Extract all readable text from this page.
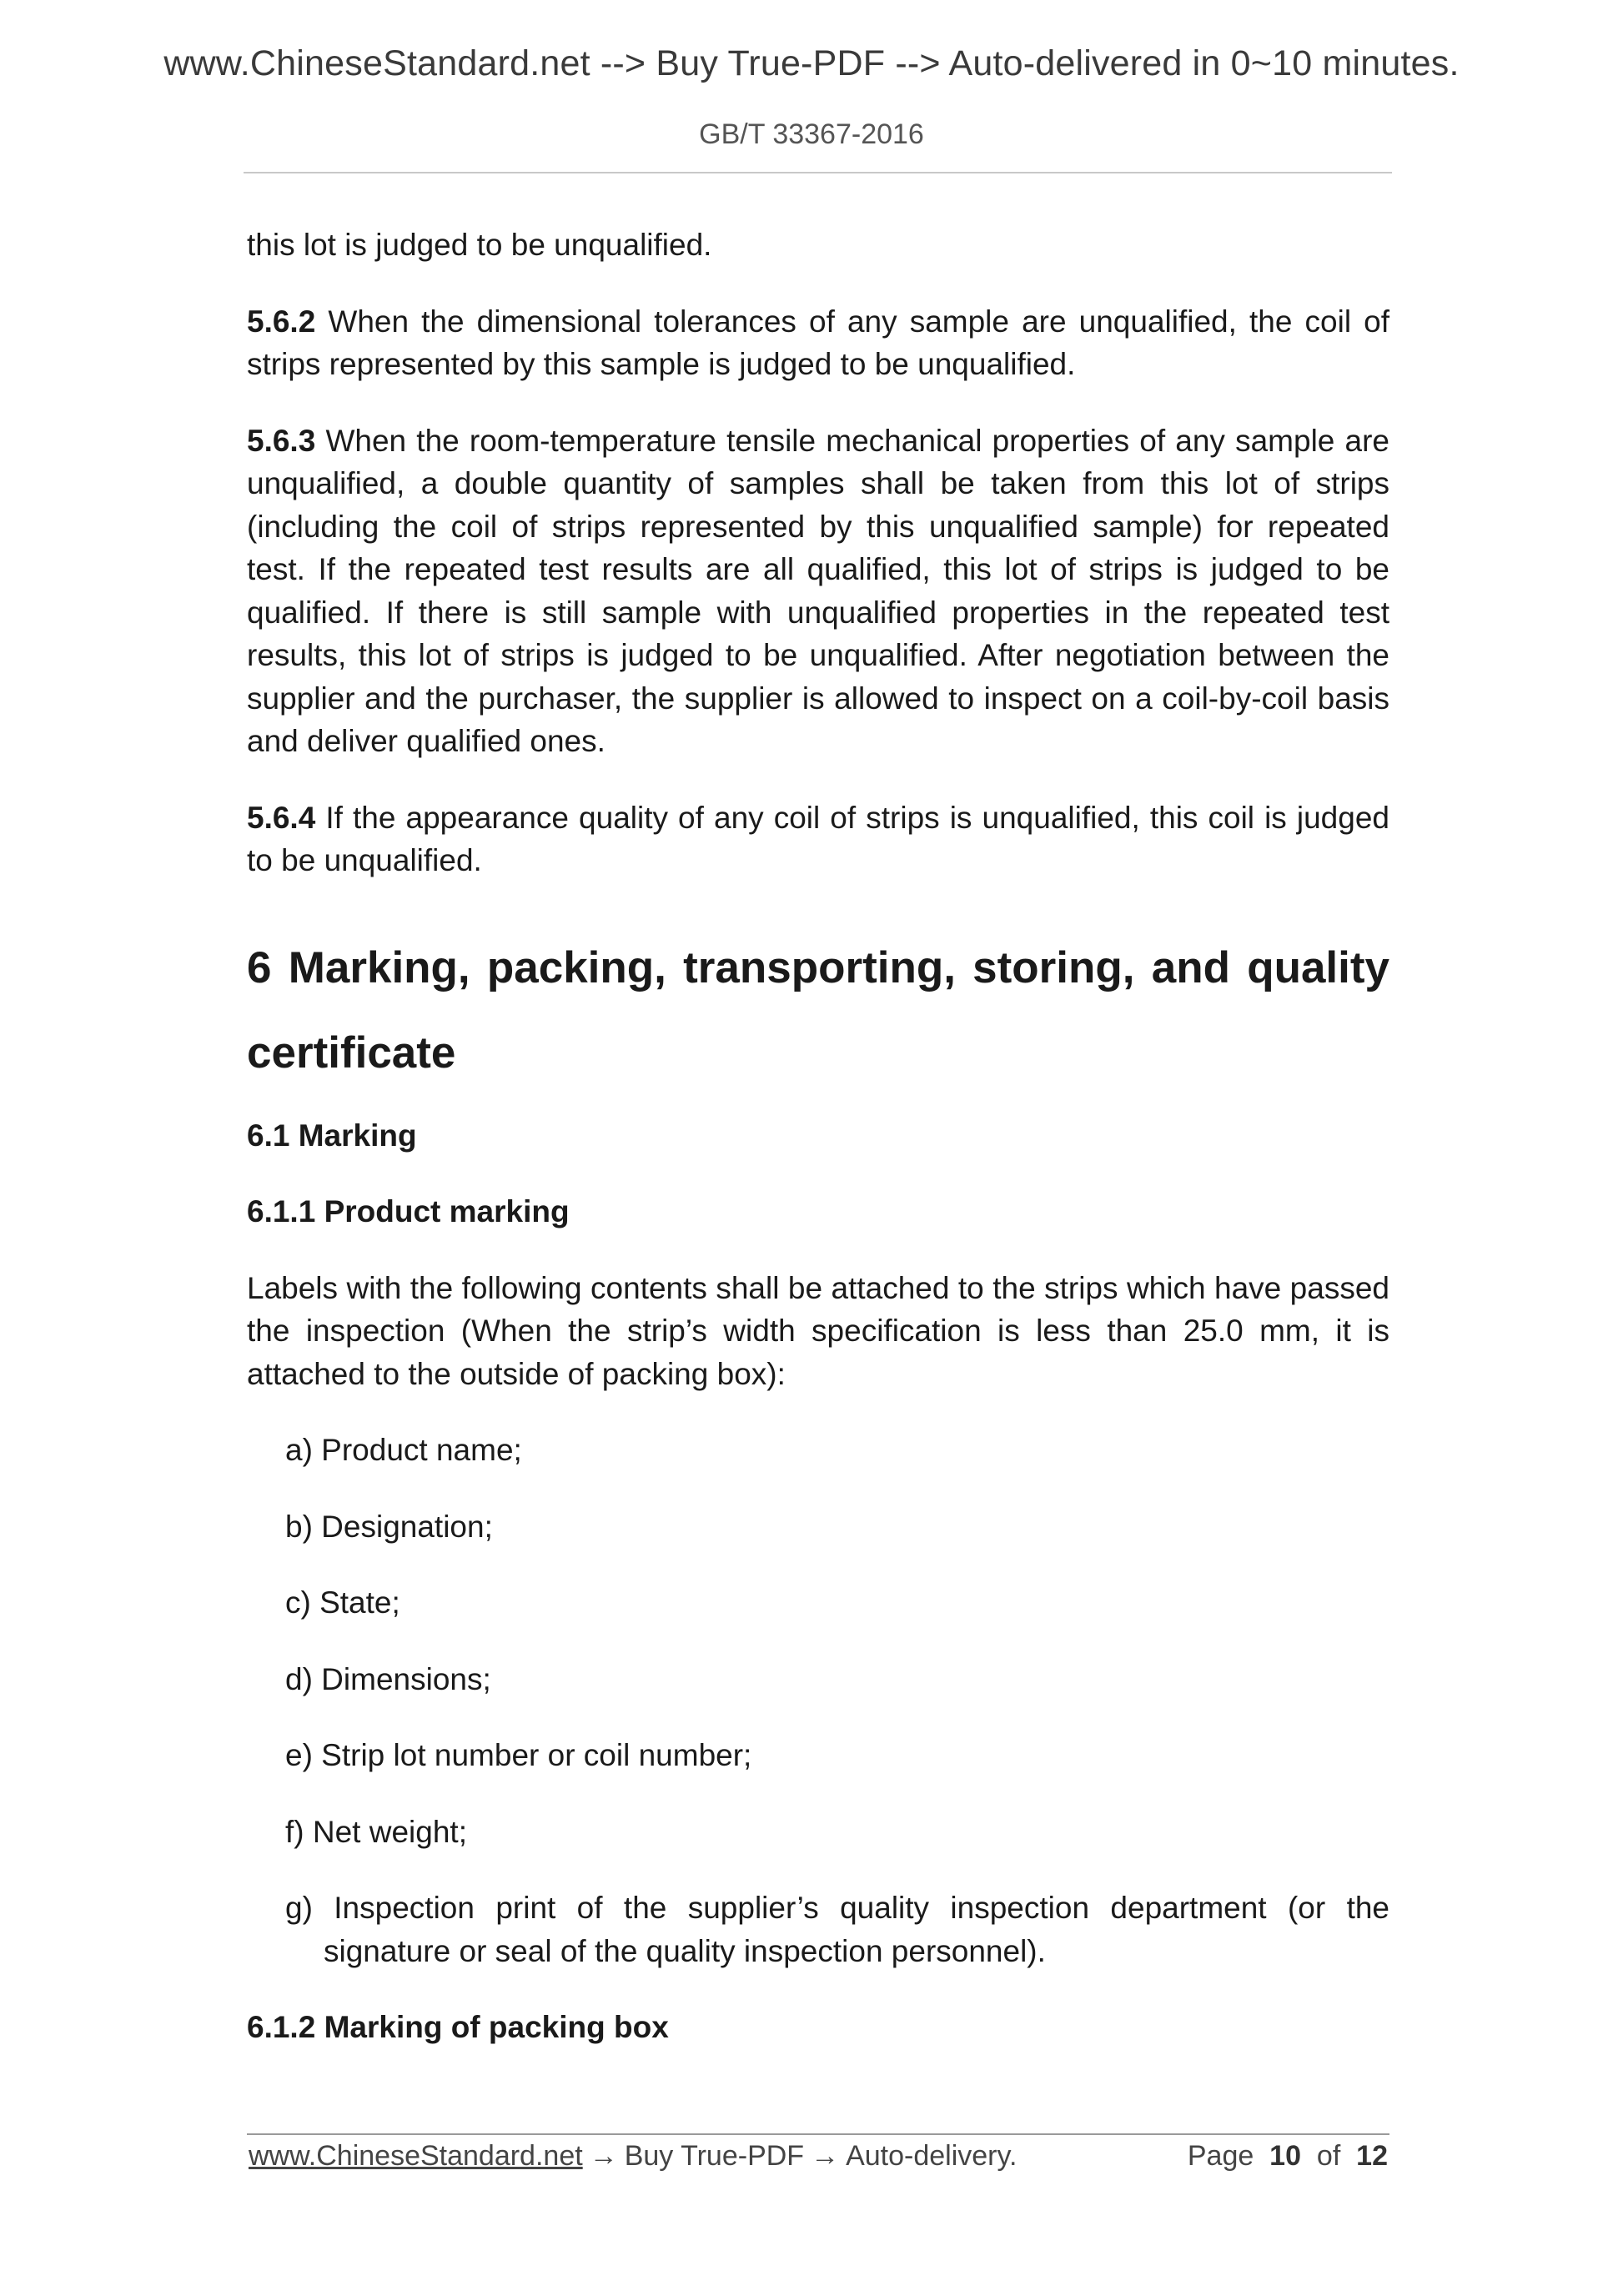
www.ChineseStandard.net --> Buy True-PDF --> Auto-delivered in 0~10 minutes.
GB/T 33367-2016

this lot is judged to be unqualified.

5.6.2 When the dimensional tolerances of any sample are unqualified, the coil of strips represented by this sample is judged to be unqualified.

5.6.3 When the room-temperature tensile mechanical properties of any sample are unqualified, a double quantity of samples shall be taken from this lot of strips (including the coil of strips represented by this unqualified sample) for repeated test. If the repeated test results are all qualified, this lot of strips is judged to be qualified. If there is still sample with unqualified properties in the repeated test results, this lot of strips is judged to be unqualified. After negotiation between the supplier and the purchaser, the supplier is allowed to inspect on a coil-by-coil basis and deliver qualified ones.

5.6.4 If the appearance quality of any coil of strips is unqualified, this coil is judged to be unqualified.

6 Marking, packing, transporting, storing, and quality
certificate
6.1 Marking
6.1.1 Product marking

Labels with the following contents shall be attached to the strips which have passed the inspection (When the strip’s width specification is less than 25.0 mm, it is attached to the outside of packing box):

a) Product name;
b) Designation;
c) State;
d) Dimensions;
e) Strip lot number or coil number;
f) Net weight;
g) Inspection print of the supplier’s quality inspection department (or the signature or seal of the quality inspection personnel).
6.1.2 Marking of packing box
www.ChineseStandard.net → Buy True-PDF → Auto-delivery.	Page 10 of 12
